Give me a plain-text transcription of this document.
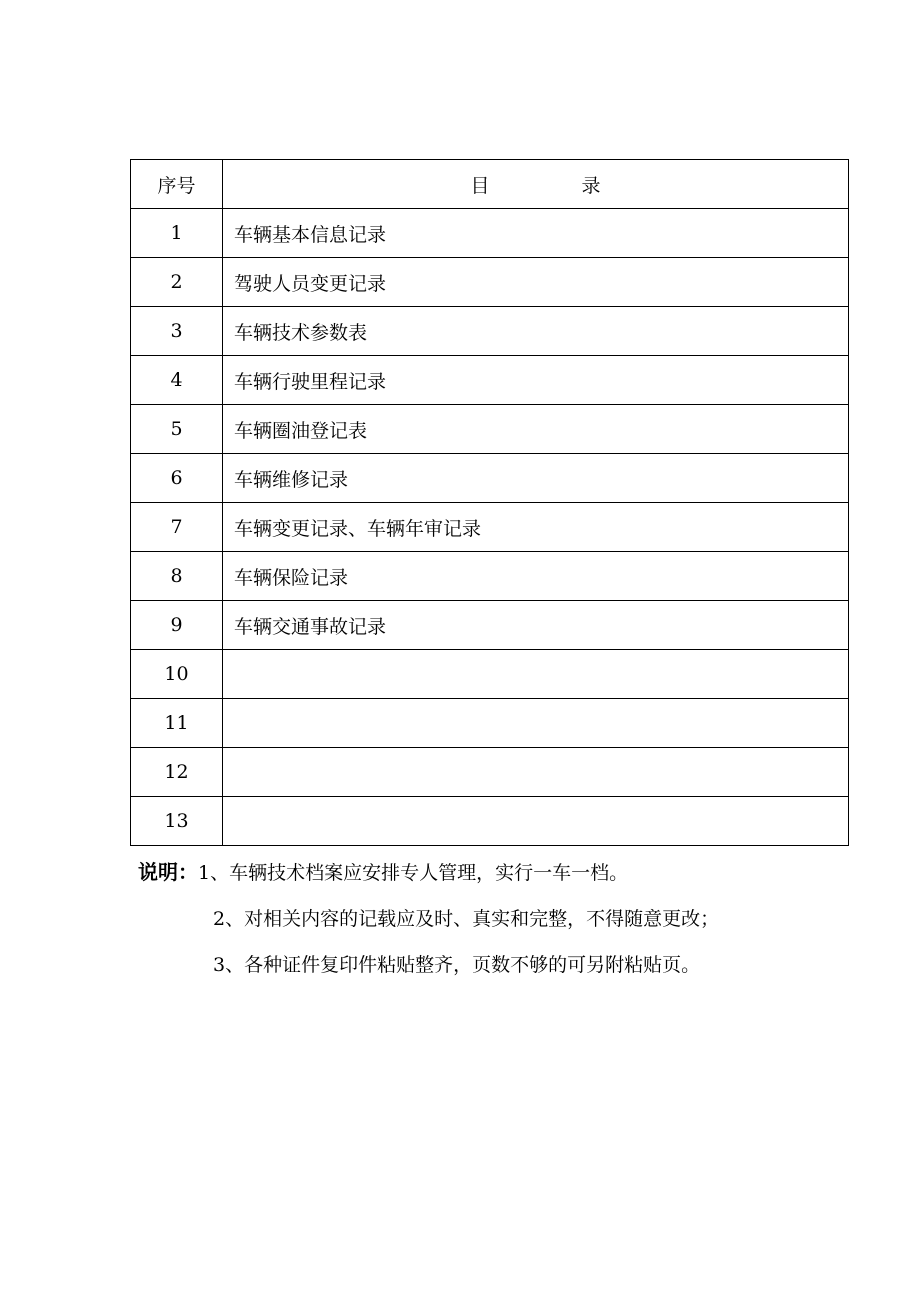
序号	目 录
1	车辆基本信息记录
2	驾驶人员变更记录
3	车辆技术参数表
4	车辆行驶里程记录
5	车辆圈油登记表
6	车辆维修记录
7	车辆变更记录、车辆年审记录
8	车辆保险记录
9	车辆交通事故记录
10	
11	
12	
13	
说明：1、车辆技术档案应安排专人管理，实行一车一档。
2、对相关内容的记载应及时、真实和完整，不得随意更改；
3、各种证件复印件粘贴整齐，页数不够的可另附粘贴页。
